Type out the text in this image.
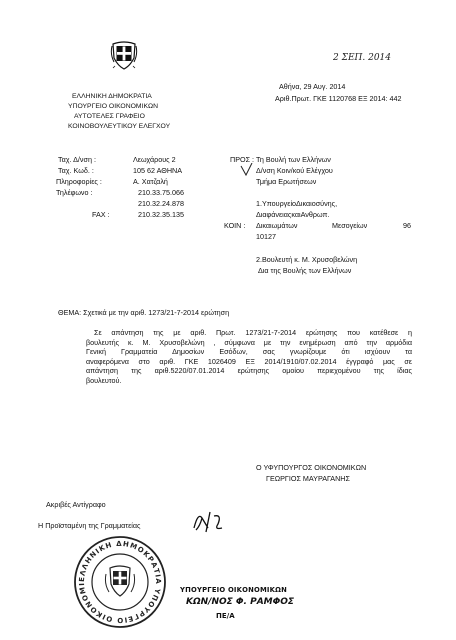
2 ΣΕΠ. 2014
Αθήνα, 29 Αυγ. 2014
Αριθ.Πρωτ. ΓΚΕ 1120768 ΕΞ 2014: 442
ΕΛΛΗΝΙΚΗ ΔΗΜΟΚΡΑΤΙΑ
ΥΠΟΥΡΓΕΙΟ ΟΙΚΟΝΟΜΙΚΩΝ
ΑΥΤΟΤΕΛΕΣ ΓΡΑΦΕΙΟ
ΚΟΙΝΟΒΟΥΛΕΥΤΙΚΟΥ ΕΛΕΓΧΟΥ
Ταχ. Δ/νση :	Λεωχάρους 2
Ταχ. Κωδ. :	105 62 ΑΘΗΝΑ
Πληροφορίες :	Α. Χατζαλή
Τηλέφωνο :	210.33.75.066
210.32.24.878
FAX :	210.32.35.135
ΠΡΟΣ : Τη Βουλή των Ελλήνων
Δ/νση Κοιν/κού Ελέγχου
Τμήμα Ερωτήσεων
1.ΥπουργείοΔικαιοσύνης,
ΔιαφάνειαςκαιΑνθρωπ.
ΚΟΙΝ : Δικαιωμάτων	Μεσογείων	96
10127
2.Βουλευτή κ. Μ. Χρυσοβελώνη
Δια της Βουλής των Ελλήνων
ΘΕΜΑ: Σχετικά με την αριθ. 1273/21-7-2014 ερώτηση
Σε απάντηση της με αριθ. Πρωτ. 1273/21-7-2014 ερώτησης που κατέθεσε η
βουλευτής κ. Μ. Χρυσοβελώνη , σύμφωνα με την ενημέρωση από την αρμόδια
Γενική Γραμματεία Δημοσίων Εσόδων, σας γνωρίζουμε ότι ισχύουν τα
αναφερόμενα στο αριθ. ΓΚΕ 1026409 ΕΞ 2014/1910/07.02.2014 έγγραφό μας σε
απάντηση της αριθ.5220/07.01.2014 ερώτησης ομοίου περιεχομένου της ίδιας
βουλευτού.
Ο ΥΦΥΠΟΥΡΓΟΣ ΟΙΚΟΝΟΜΙΚΩΝ
ΓΕΩΡΓΙΟΣ ΜΑΥΡΑΓΑΝΗΣ
Ακριβές Αντίγραφο
Η Προϊσταμένη της Γραμματείας
ΕΛΛΗΝΙΚΗ ΔΗΜΟΚΡΑΤΙΑ ΥΠΟΥΡΓΕΙΟ ΟΙΚΟΝΟΜΙ
ΥΠΟΥΡΓΕΙΟ ΟΙΚΟΝΟΜΙΚΩΝ
ΚΩΝ/ΝΟΣ Φ. ΡΑΜΦΟΣ
ΠΕ/Α
